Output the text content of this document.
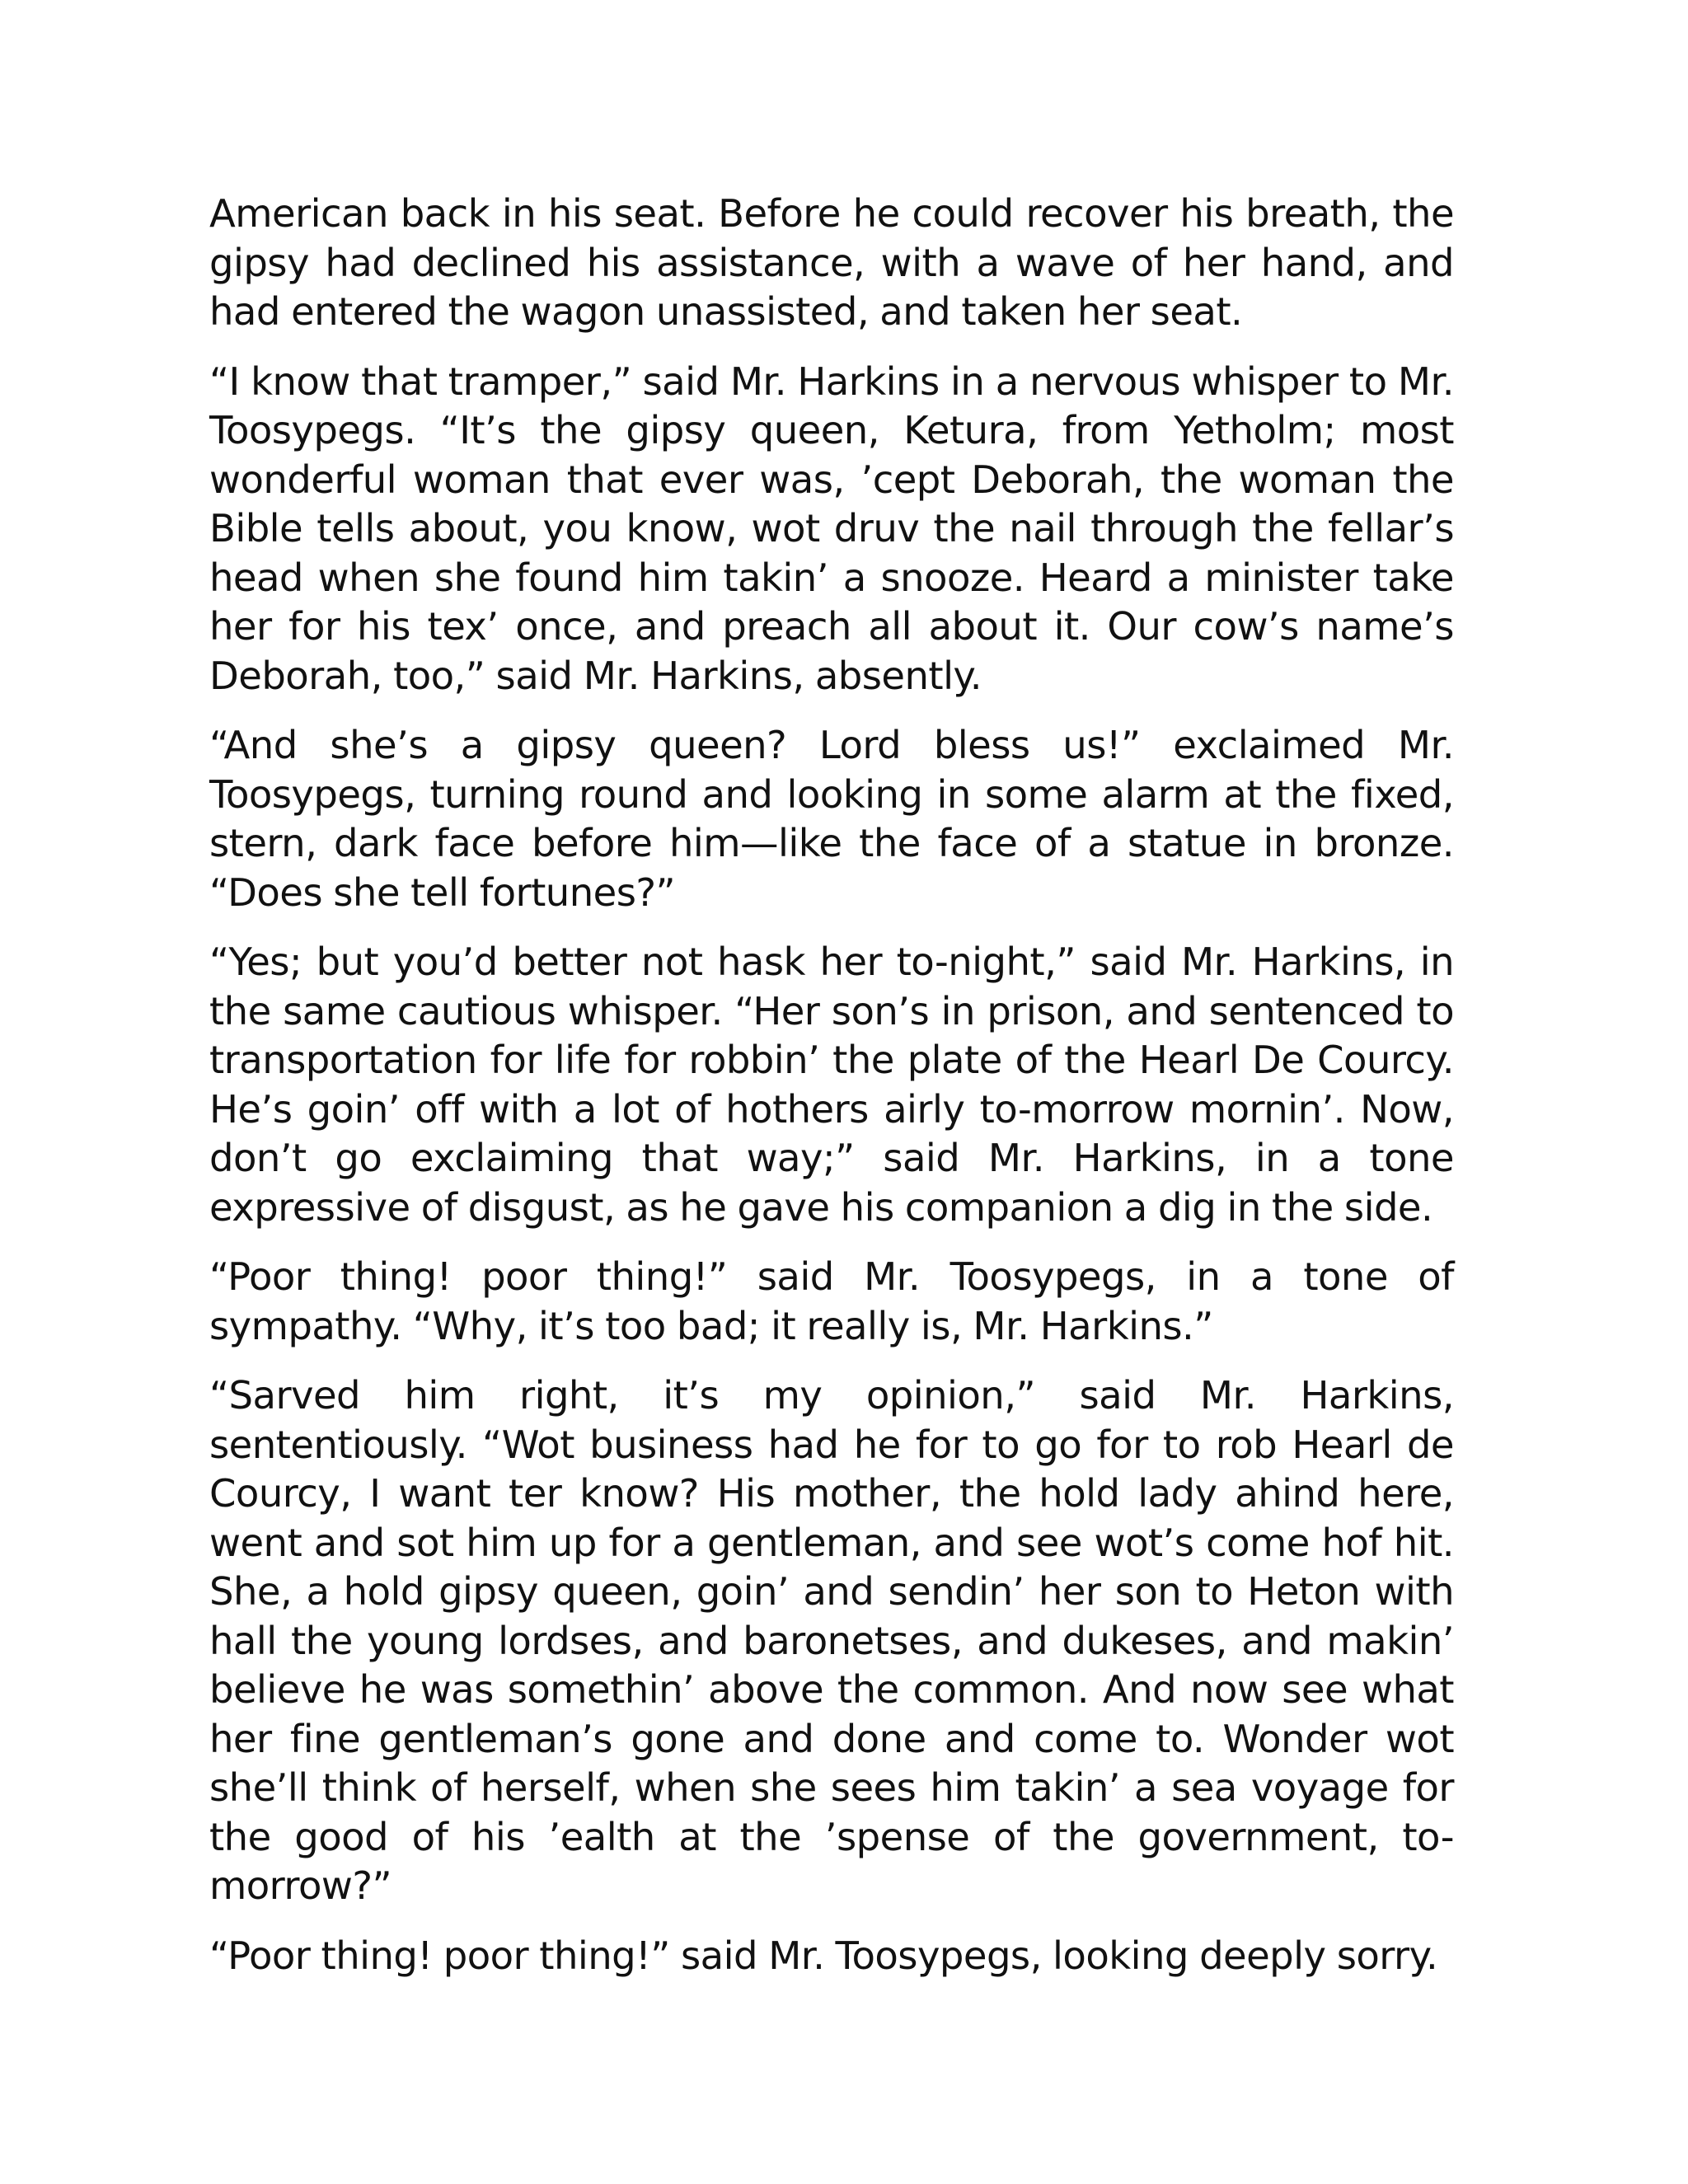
American back in his seat. Before he could recover his breath, the gipsy had declined his assistance, with a wave of her hand, and had entered the wagon unassisted, and taken her seat.

“I know that tramper,” said Mr. Harkins in a nervous whisper to Mr. Toosypegs. “It’s the gipsy queen, Ketura, from Yetholm; most wonderful woman that ever was, ’cept Deborah, the woman the Bible tells about, you know, wot druv the nail through the fellar’s head when she found him takin’ a snooze. Heard a minister take her for his tex’ once, and preach all about it. Our cow’s name’s Deborah, too,” said Mr. Harkins, absently.

“And she’s a gipsy queen? Lord bless us!” exclaimed Mr. Toosypegs, turning round and looking in some alarm at the fixed, stern, dark face before him—like the face of a statue in bronze. “Does she tell fortunes?”

“Yes; but you’d better not hask her to-night,” said Mr. Harkins, in the same cautious whisper. “Her son’s in prison, and sentenced to transportation for life for robbin’ the plate of the Hearl De Courcy. He’s goin’ off with a lot of hothers airly to-morrow mornin’. Now, don’t go exclaiming that way;” said Mr. Harkins, in a tone expressive of disgust, as he gave his companion a dig in the side.

“Poor thing! poor thing!” said Mr. Toosypegs, in a tone of sympathy. “Why, it’s too bad; it really is, Mr. Harkins.”

“Sarved him right, it’s my opinion,” said Mr. Harkins, sententiously. “Wot business had he for to go for to rob Hearl de Courcy, I want ter know? His mother, the hold lady ahind here, went and sot him up for a gentleman, and see wot’s come hof hit. She, a hold gipsy queen, goin’ and sendin’ her son to Heton with hall the young lordses, and baronetses, and dukeses, and makin’ believe he was somethin’ above the common. And now see what her fine gentleman’s gone and done and come to. Wonder wot she’ll think of herself, when she sees him takin’ a sea voyage for the good of his ’ealth at the ’spense of the government, to-morrow?”

“Poor thing! poor thing!” said Mr. Toosypegs, looking deeply sorry.
